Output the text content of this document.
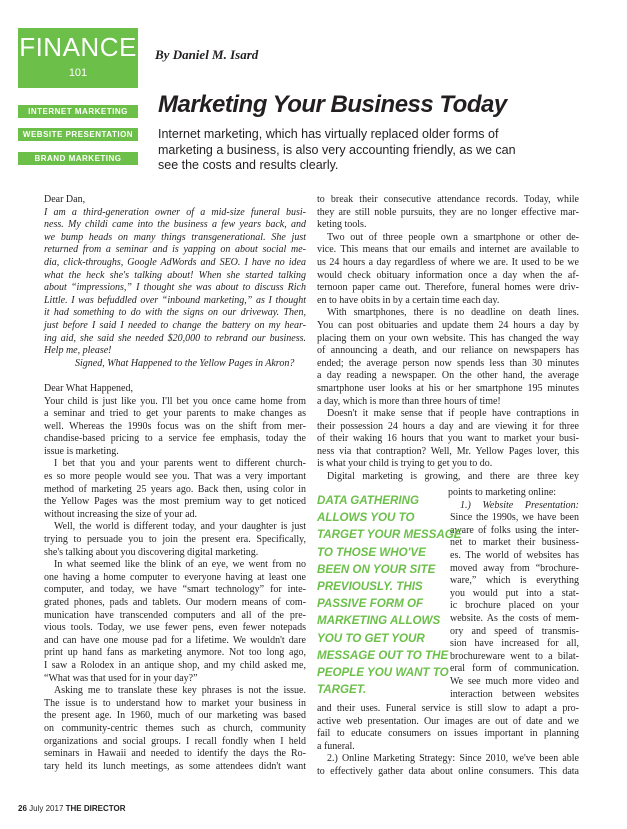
FINANCE
101
By Daniel M. Isard
INTERNET MARKETING
WEBSITE PRESENTATION
BRAND MARKETING
Marketing Your Business Today
Internet marketing, which has virtually replaced older forms of
marketing a business, is also very accounting friendly, as we can
see the costs and results clearly.
Dear Dan,
I am a third-generation owner of a mid-size funeral busi-
ness. My childi came into the business a few years back, and
we bump heads on many things transgenerational. She just
returned from a seminar and is yapping on about social me-
dia, click-throughs, Google AdWords and SEO. I have no idea
what the heck she's talking about! When she started talking
about “impressions,” I thought she was about to discuss Rich
Little. I was befuddled over “inbound marketing,” as I thought
it had something to do with the signs on our driveway. Then,
just before I said I needed to change the battery on my hear-
ing aid, she said she needed $20,000 to rebrand our business.
Help me, please!
Signed, What Happened to the Yellow Pages in Akron?
Dear What Happened,
Your child is just like you. I'll bet you once came home from
a seminar and tried to get your parents to make changes as
well. Whereas the 1990s focus was on the shift from mer-
chandise-based pricing to a service fee emphasis, today the
issue is marketing.
I bet that you and your parents went to different church-
es so more people would see you. That was a very important
method of marketing 25 years ago. Back then, using color in
the Yellow Pages was the most premium way to get noticed
without increasing the size of your ad.
Well, the world is different today, and your daughter is just
trying to persuade you to join the present era. Specifically,
she's talking about you discovering digital marketing.
In what seemed like the blink of an eye, we went from no
one having a home computer to everyone having at least one
computer, and today, we have “smart technology” for inte-
grated phones, pads and tablets. Our modern means of com-
munication have transcended computers and all of the pre-
vious tools. Today, we use fewer pens, even fewer notepads
and can have one mouse pad for a lifetime. We wouldn't dare
print up hand fans as marketing anymore. Not too long ago,
I saw a Rolodex in an antique shop, and my child asked me,
“What was that used for in your day?”
Asking me to translate these key phrases is not the issue.
The issue is to understand how to market your business in
the present age. In 1960, much of our marketing was based
on community-centric themes such as church, community
organizations and social groups. I recall fondly when I held
seminars in Hawaii and needed to identify the days the Ro-
tary held its lunch meetings, as some attendees didn't want
to break their consecutive attendance records. Today, while
they are still noble pursuits, they are no longer effective mar-
keting tools.
Two out of three people own a smartphone or other de-
vice. This means that our emails and internet are available to
us 24 hours a day regardless of where we are. It used to be we
would check obituary information once a day when the af-
ternoon paper came out. Therefore, funeral homes were driv-
en to have obits in by a certain time each day.
With smartphones, there is no deadline on death lines.
You can post obituaries and update them 24 hours a day by
placing them on your own website. This has changed the way
of announcing a death, and our reliance on newspapers has
ended; the average person now spends less than 30 minutes
a day reading a newspaper. On the other hand, the average
smartphone user looks at his or her smartphone 195 minutes
a day, which is more than three hours of time!
Doesn't it make sense that if people have contraptions in
their possession 24 hours a day and are viewing it for three
of their waking 16 hours that you want to market your busi-
ness via that contraption? Well, Mr. Yellow Pages lover, this
is what your child is trying to get you to do.
Digital marketing is growing, and there are three key
points to marketing online:
1.) Website Presentation:
Since the 1990s, we have been
aware of folks using the inter-
net to market their business-
es. The world of websites has
moved away from “brochure-
ware,” which is everything
you would put into a stat-
ic brochure placed on your
website. As the costs of mem-
ory and speed of transmis-
sion have increased for all,
brochureware went to a bilat-
eral form of communication.
We see much more video and
interaction between websites
and their uses. Funeral service is still slow to adapt a pro-
active web presentation. Our images are out of date and we
fail to educate consumers on issues important in planning
a funeral.
2.) Online Marketing Strategy: Since 2010, we've been able
to effectively gather data about online consumers. This data
DATA GATHERING
ALLOWS YOU TO
TARGET YOUR MESSAGE
TO THOSE WHO'VE
BEEN ON YOUR SITE
PREVIOUSLY. THIS
PASSIVE FORM OF
MARKETING ALLOWS
YOU TO GET YOUR
MESSAGE OUT TO THE
PEOPLE YOU WANT TO
TARGET.
26 July 2017 THE DIRECTOR
